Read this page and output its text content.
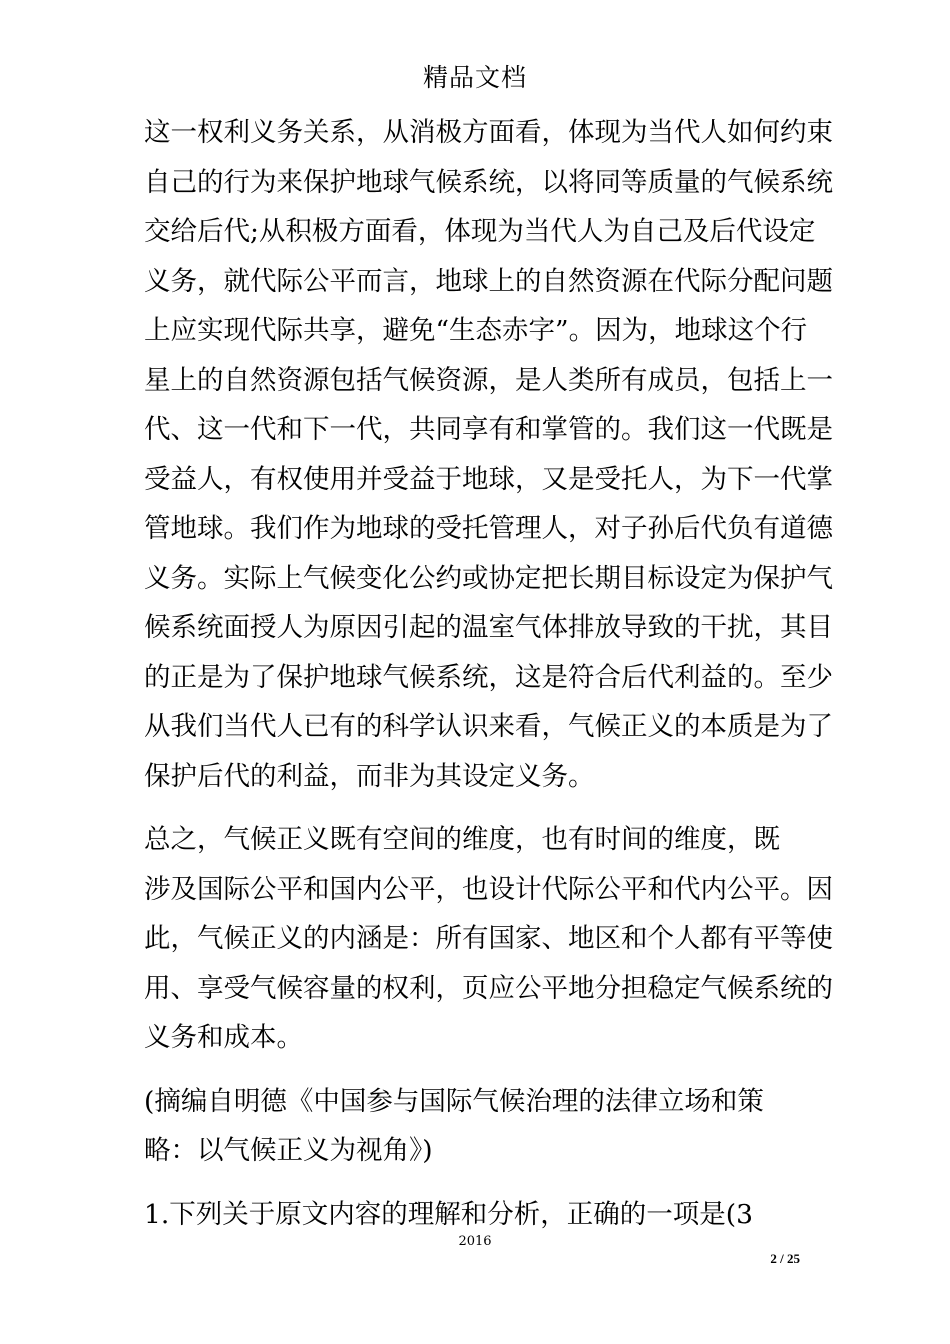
精品文档
这一权利义务关系，从消极方面看，体现为当代人如何约束
自己的行为来保护地球气候系统，以将同等质量的气候系统
交给后代;从积极方面看，体现为当代人为自己及后代设定
义务，就代际公平而言，地球上的自然资源在代际分配问题
上应实现代际共享，避免“生态赤字”。因为，地球这个行
星上的自然资源包括气候资源，是人类所有成员，包括上一
代、这一代和下一代，共同享有和掌管的。我们这一代既是
受益人，有权使用并受益于地球，又是受托人，为下一代掌
管地球。我们作为地球的受托管理人，对子孙后代负有道德
义务。实际上气候变化公约或协定把长期目标设定为保护气
候系统面授人为原因引起的温室气体排放导致的干扰，其目
的正是为了保护地球气候系统，这是符合后代利益的。至少
从我们当代人已有的科学认识来看，气候正义的本质是为了
保护后代的利益，而非为其设定义务。
总之，气候正义既有空间的维度，也有时间的维度，既
涉及国际公平和国内公平，也设计代际公平和代内公平。因
此，气候正义的内涵是：所有国家、地区和个人都有平等使
用、享受气候容量的权利，页应公平地分担稳定气候系统的
义务和成本。
(摘编自明德《中国参与国际气候治理的法律立场和策
略：以气候正义为视角》)
1.下列关于原文内容的理解和分析，正确的一项是(3
2016
2 / 25
